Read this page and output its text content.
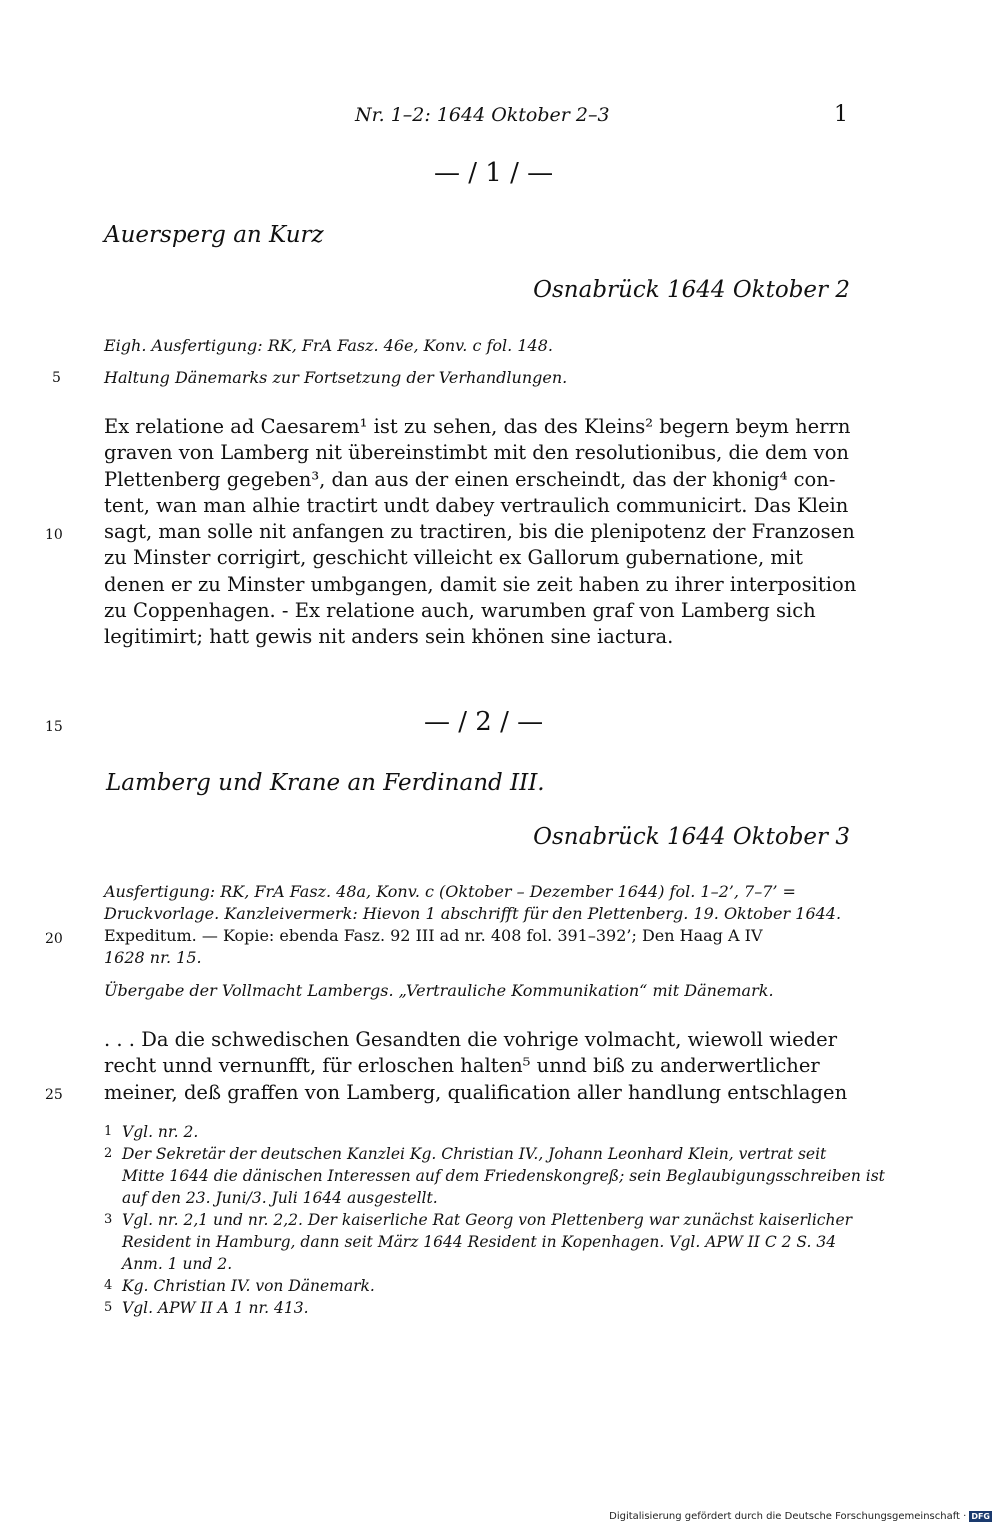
Nr. 1–2: 1644 Oktober 2–3	1
— / 1 / —
Auersperg an Kurz
Osnabrück 1644 Oktober 2
Eigh. Ausfertigung: RK, FrA Fasz. 46e, Konv. c fol. 148.
Haltung Dänemarks zur Fortsetzung der Verhandlungen.
Ex relatione ad Caesarem¹ ist zu sehen, das des Kleins² begern beym herrn
graven von Lamberg nit übereinstimbt mit den resolutionibus, die dem von
Plettenberg gegeben³, dan aus der einen erscheindt, das der khonig⁴ con-
tent, wan man alhie tractirt undt dabey vertraulich communicirt. Das Klein
sagt, man solle nit anfangen zu tractiren, bis die plenipotenz der Franzosen
zu Minster corrigirt, geschicht villeicht ex Gallorum gubernatione, mit
denen er zu Minster umbgangen, damit sie zeit haben zu ihrer interposition
zu Coppenhagen. - Ex relatione auch, warumben graf von Lamberg sich
legitimirt; hatt gewis nit anders sein khönen sine iactura.
5
10
15
20
25
— / 2 / —
Lamberg und Krane an Ferdinand III.
Osnabrück 1644 Oktober 3
Ausfertigung: RK, FrA Fasz. 48a, Konv. c (Oktober – Dezember 1644) fol. 1–2’, 7–7’ =
Druckvorlage. Kanzleivermerk: Hievon 1 abschrifft für den Plettenberg. 19. Oktober 1644.
Expeditum. — Kopie: ebenda Fasz. 92 III ad nr. 408 fol. 391–392’; Den Haag A IV
1628 nr. 15.
Übergabe der Vollmacht Lambergs. „Vertrauliche Kommunikation“ mit Dänemark.
. . . Da die schwedischen Gesandten die vohrige volmacht, wiewoll wieder
recht unnd vernunfft, für erloschen halten⁵ unnd biß zu anderwertlicher
meiner, deß graffen von Lamberg, qualification aller handlung entschlagen
1 Vgl. nr. 2.
2 Der Sekretär der deutschen Kanzlei Kg. Christian IV., Johann Leonhard Klein, vertrat seit
Mitte 1644 die dänischen Interessen auf dem Friedenskongreß; sein Beglaubigungsschreiben ist
auf den 23. Juni/3. Juli 1644 ausgestellt.
3 Vgl. nr. 2,1 und nr. 2,2. Der kaiserliche Rat Georg von Plettenberg war zunächst kaiserlicher
Resident in Hamburg, dann seit März 1644 Resident in Kopenhagen. Vgl. APW II C 2 S. 34
Anm. 1 und 2.
4 Kg. Christian IV. von Dänemark.
5 Vgl. APW II A 1 nr. 413.
Digitalisierung gefördert durch die Deutsche Forschungsgemeinschaft · DFG
